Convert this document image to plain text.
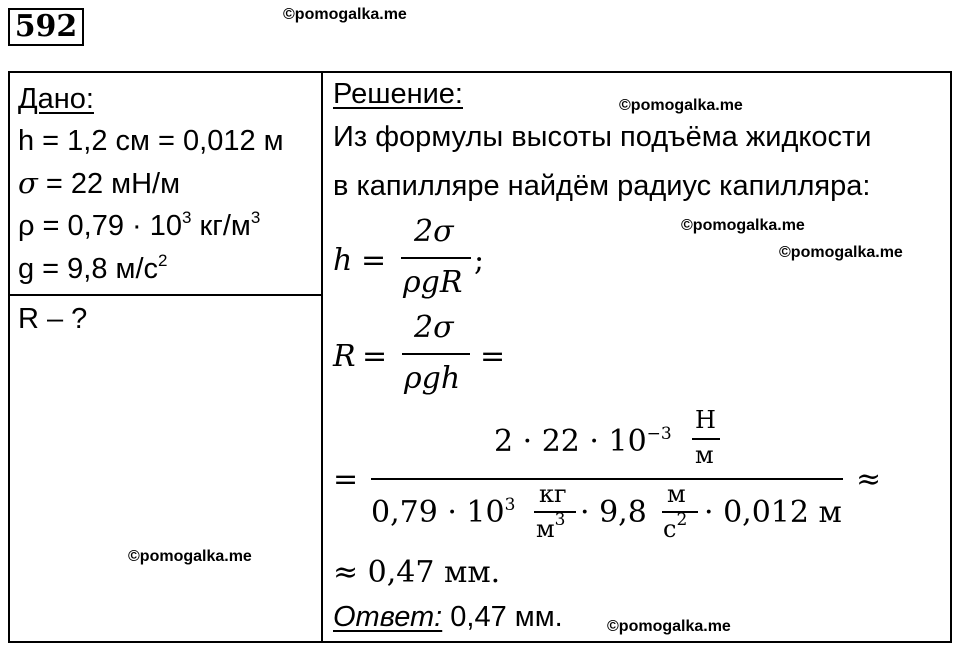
592	©pomogalka.me
Дано:
h = 1,2 см = 0,012 м
σ = 22 мН/м
$\rho = 0,79 \cdot 10^3$ $кг/м^3$
g = 9,8 $м/с^2$
R – ?
©pomogalka.me
Решение:	©pomogalka.me
Из формулы высоты подъёма жидкости
в капилляре найдём радиус капилляра:
©pomogalka.me
©pomogalka.me
h =
2σ
ρgR
;
R =
2σ
ρgh
=
=
$2 \cdot 22 \cdot 10^{-3}$ Н
м
$0,79 \cdot 10^3$ кг
$м^3 \cdot 9,8$
м
$с^2 \cdot 0,012$ м
≈
≈ 0,47 мм.
Ответ: 0,47 мм.	©pomogalka.me
